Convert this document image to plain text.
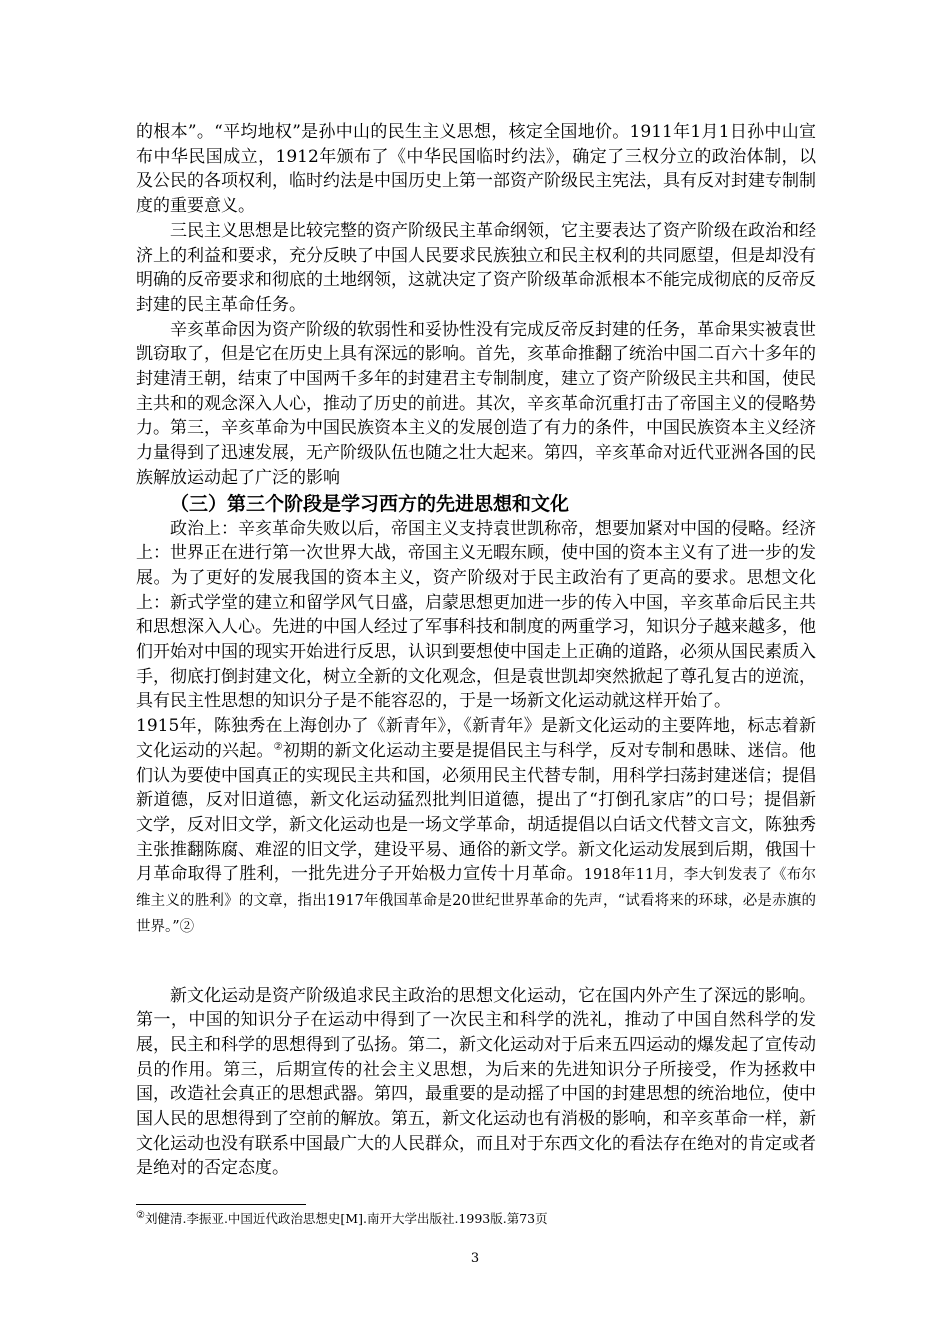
的根本”。“平均地权”是孙中山的民生主义思想，核定全国地价。1911年1月1日孙中山宣布中华民国成立，1912年颁布了《中华民国临时约法》，确定了三权分立的政治体制，以及公民的各项权利，临时约法是中国历史上第一部资产阶级民主宪法，具有反对封建专制制度的重要意义。

三民主义思想是比较完整的资产阶级民主革命纲领，它主要表达了资产阶级在政治和经济上的利益和要求，充分反映了中国人民要求民族独立和民主权利的共同愿望，但是却没有明确的反帝要求和彻底的土地纲领，这就决定了资产阶级革命派根本不能完成彻底的反帝反封建的民主革命任务。

辛亥革命因为资产阶级的软弱性和妥协性没有完成反帝反封建的任务，革命果实被袁世凯窃取了，但是它在历史上具有深远的影响。首先，亥革命推翻了统治中国二百六十多年的封建清王朝，结束了中国两千多年的封建君主专制制度，建立了资产阶级民主共和国，使民主共和的观念深入人心，推动了历史的前进。其次，辛亥革命沉重打击了帝国主义的侵略势力。第三，辛亥革命为中国民族资本主义的发展创造了有力的条件，中国民族资本主义经济力量得到了迅速发展，无产阶级队伍也随之壮大起来。第四，辛亥革命对近代亚洲各国的民族解放运动起了广泛的影响

（三）第三个阶段是学习西方的先进思想和文化

政治上：辛亥革命失败以后，帝国主义支持袁世凯称帝，想要加紧对中国的侵略。经济上：世界正在进行第一次世界大战，帝国主义无暇东顾，使中国的资本主义有了进一步的发展。为了更好的发展我国的资本主义，资产阶级对于民主政治有了更高的要求。思想文化上：新式学堂的建立和留学风气日盛，启蒙思想更加进一步的传入中国，辛亥革命后民主共和思想深入人心。先进的中国人经过了军事科技和制度的两重学习，知识分子越来越多，他们开始对中国的现实开始进行反思，认识到要想使中国走上正确的道路，必须从国民素质入手，彻底打倒封建文化，树立全新的文化观念，但是袁世凯却突然掀起了尊孔复古的逆流，具有民主性思想的知识分子是不能容忍的，于是一场新文化运动就这样开始了。

1915年，陈独秀在上海创办了《新青年》，《新青年》是新文化运动的主要阵地，标志着新文化运动的兴起。②初期的新文化运动主要是提倡民主与科学，反对专制和愚昧、迷信。他们认为要使中国真正的实现民主共和国，必须用民主代替专制，用科学扫荡封建迷信；提倡新道德，反对旧道德，新文化运动猛烈批判旧道德，提出了“打倒孔家店”的口号；提倡新文学，反对旧文学，新文化运动也是一场文学革命，胡适提倡以白话文代替文言文，陈独秀主张推翻陈腐、难涩的旧文学，建设平易、通俗的新文学。新文化运动发展到后期，俄国十月革命取得了胜利，一批先进分子开始极力宣传十月革命。1918年11月，李大钊发表了《布尔维主义的胜利》的文章，指出1917年俄国革命是20世纪世界革命的先声，“试看将来的环球，必是赤旗的世界。”②

新文化运动是资产阶级追求民主政治的思想文化运动，它在国内外产生了深远的影响。第一，中国的知识分子在运动中得到了一次民主和科学的洗礼，推动了中国自然科学的发展，民主和科学的思想得到了弘扬。第二，新文化运动对于后来五四运动的爆发起了宣传动员的作用。第三，后期宣传的社会主义思想，为后来的先进知识分子所接受，作为拯救中国，改造社会真正的思想武器。第四，最重要的是动摇了中国的封建思想的统治地位，使中国人民的思想得到了空前的解放。第五，新文化运动也有消极的影响，和辛亥革命一样，新文化运动也没有联系中国最广大的人民群众，而且对于东西文化的看法存在绝对的肯定或者是绝对的否定态度。

②刘健清.李振亚.中国近代政治思想史[M].南开大学出版社.1993版.第73页
3
